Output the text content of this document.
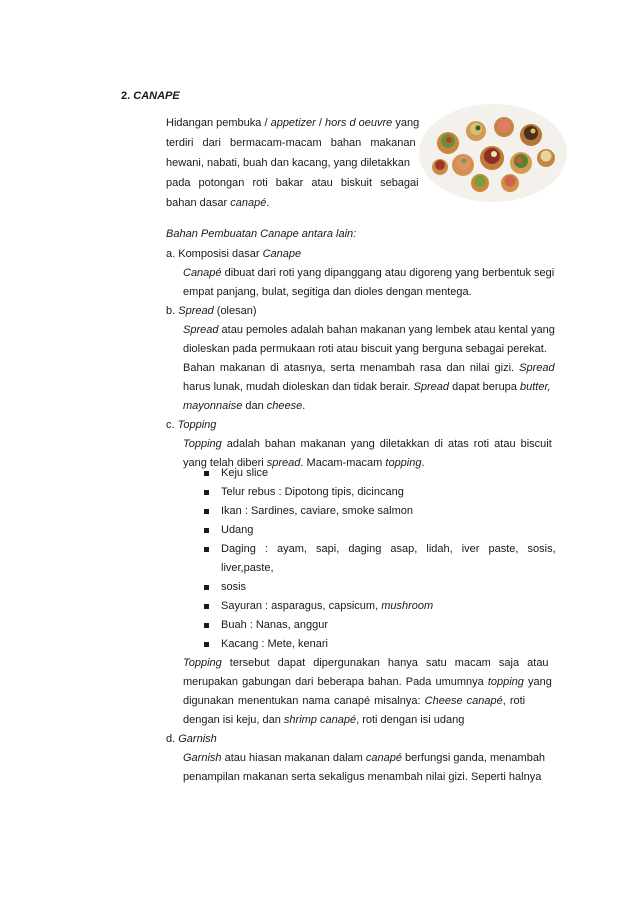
2. CANAPE
Hidangan pembuka / appetizer / hors d oeuvre yang
terdiri dari bermacam-macam bahan makanan
hewani, nabati, buah dan kacang, yang diletakkan
pada potongan roti bakar atau biskuit sebagai
bahan dasar canapé.
Bahan Pembuatan Canape antara lain:
a. Komposisi dasar Canape
Canapé dibuat dari roti yang dipanggang atau digoreng yang berbentuk segi
empat panjang, bulat, segitiga dan dioles dengan mentega.
b. Spread (olesan)
Spread atau pemoles adalah bahan makanan yang lembek atau kental yang
dioleskan pada permukaan roti atau biscuit yang berguna sebagai perekat.
Bahan makanan di atasnya, serta menambah rasa dan nilai gizi. Spread
harus lunak, mudah dioleskan dan tidak berair. Spread dapat berupa butter,
mayonnaise dan cheese.
c. Topping
Topping adalah bahan makanan yang diletakkan di atas roti atau biscuit
yang telah diberi spread. Macam-macam topping.
Keju slice
Telur rebus : Dipotong tipis, dicincang
Ikan : Sardines, caviare, smoke salmon
Udang
Daging : ayam, sapi, daging asap, lidah, iver paste, sosis,
liver,paste,
sosis
Sayuran : asparagus, capsicum, mushroom
Buah : Nanas, anggur
Kacang : Mete, kenari
Topping tersebut dapat dipergunakan hanya satu macam saja atau
merupakan gabungan dari beberapa bahan. Pada umumnya topping yang
digunakan menentukan nama canapé misalnya: Cheese canapé, roti
dengan isi keju, dan shrimp canapé, roti dengan isi udang
d. Garnish
Garnish atau hiasan makanan dalam canapé berfungsi ganda, menambah
penampilan makanan serta sekaligus menambah nilai gizi. Seperti halnya
